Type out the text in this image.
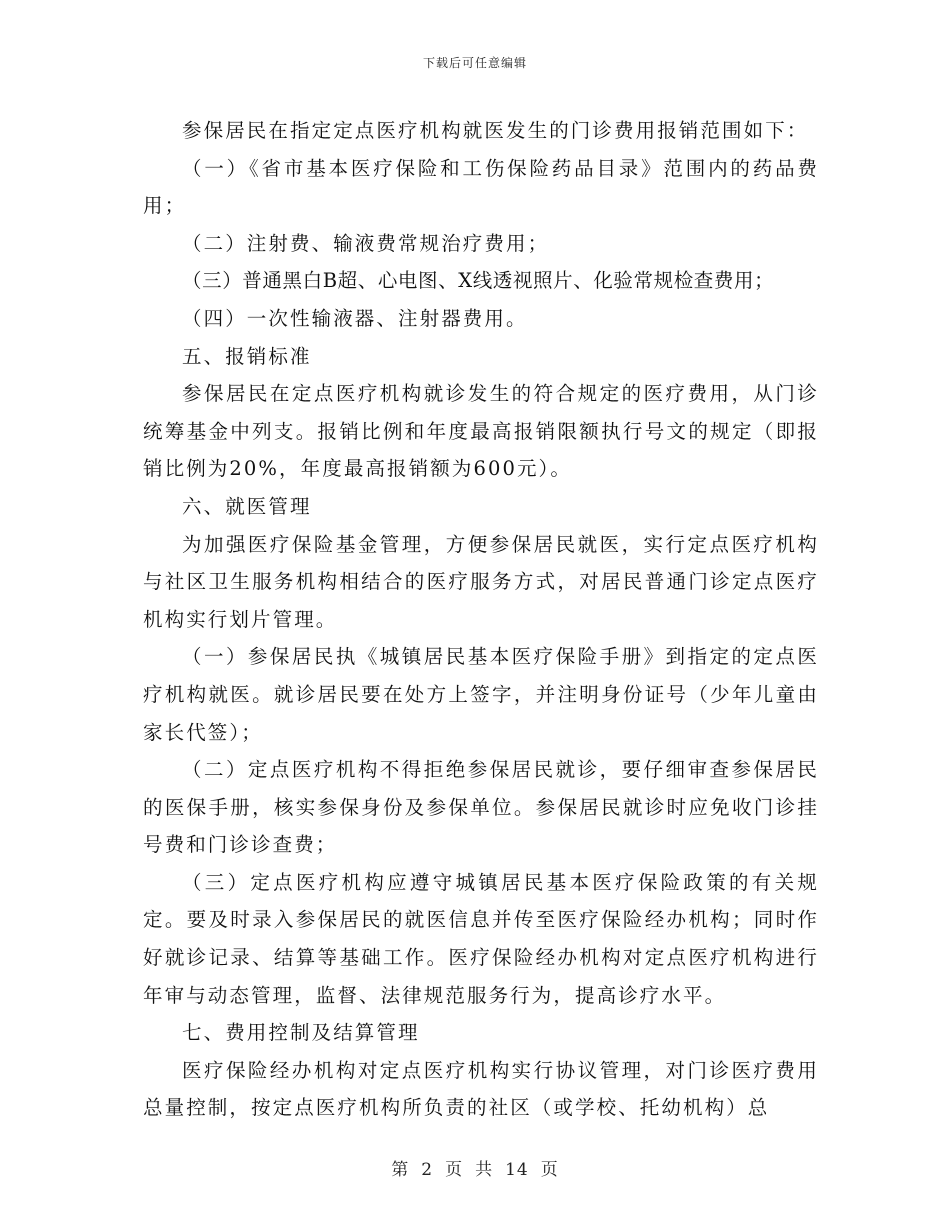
下载后可任意编辑

参保居民在指定定点医疗机构就医发生的门诊费用报销范围如下：

（一）《省市基本医疗保险和工伤保险药品目录》范围内的药品费用；

（二）注射费、输液费常规治疗费用；

（三）普通黑白B超、心电图、X线透视照片、化验常规检查费用；

（四）一次性输液器、注射器费用。

五、报销标准

参保居民在定点医疗机构就诊发生的符合规定的医疗费用，从门诊统筹基金中列支。报销比例和年度最高报销限额执行号文的规定（即报销比例为20%，年度最高报销额为600元）。

六、就医管理

为加强医疗保险基金管理，方便参保居民就医，实行定点医疗机构与社区卫生服务机构相结合的医疗服务方式，对居民普通门诊定点医疗机构实行划片管理。

（一）参保居民执《城镇居民基本医疗保险手册》到指定的定点医疗机构就医。就诊居民要在处方上签字，并注明身份证号（少年儿童由家长代签）；

（二）定点医疗机构不得拒绝参保居民就诊，要仔细审查参保居民的医保手册，核实参保身份及参保单位。参保居民就诊时应免收门诊挂号费和门诊诊查费；

（三）定点医疗机构应遵守城镇居民基本医疗保险政策的有关规定。要及时录入参保居民的就医信息并传至医疗保险经办机构；同时作好就诊记录、结算等基础工作。医疗保险经办机构对定点医疗机构进行年审与动态管理，监督、法律规范服务行为，提高诊疗水平。

七、费用控制及结算管理

医疗保险经办机构对定点医疗机构实行协议管理，对门诊医疗费用总量控制，按定点医疗机构所负责的社区（或学校、托幼机构）总

第 2 页 共 14 页
